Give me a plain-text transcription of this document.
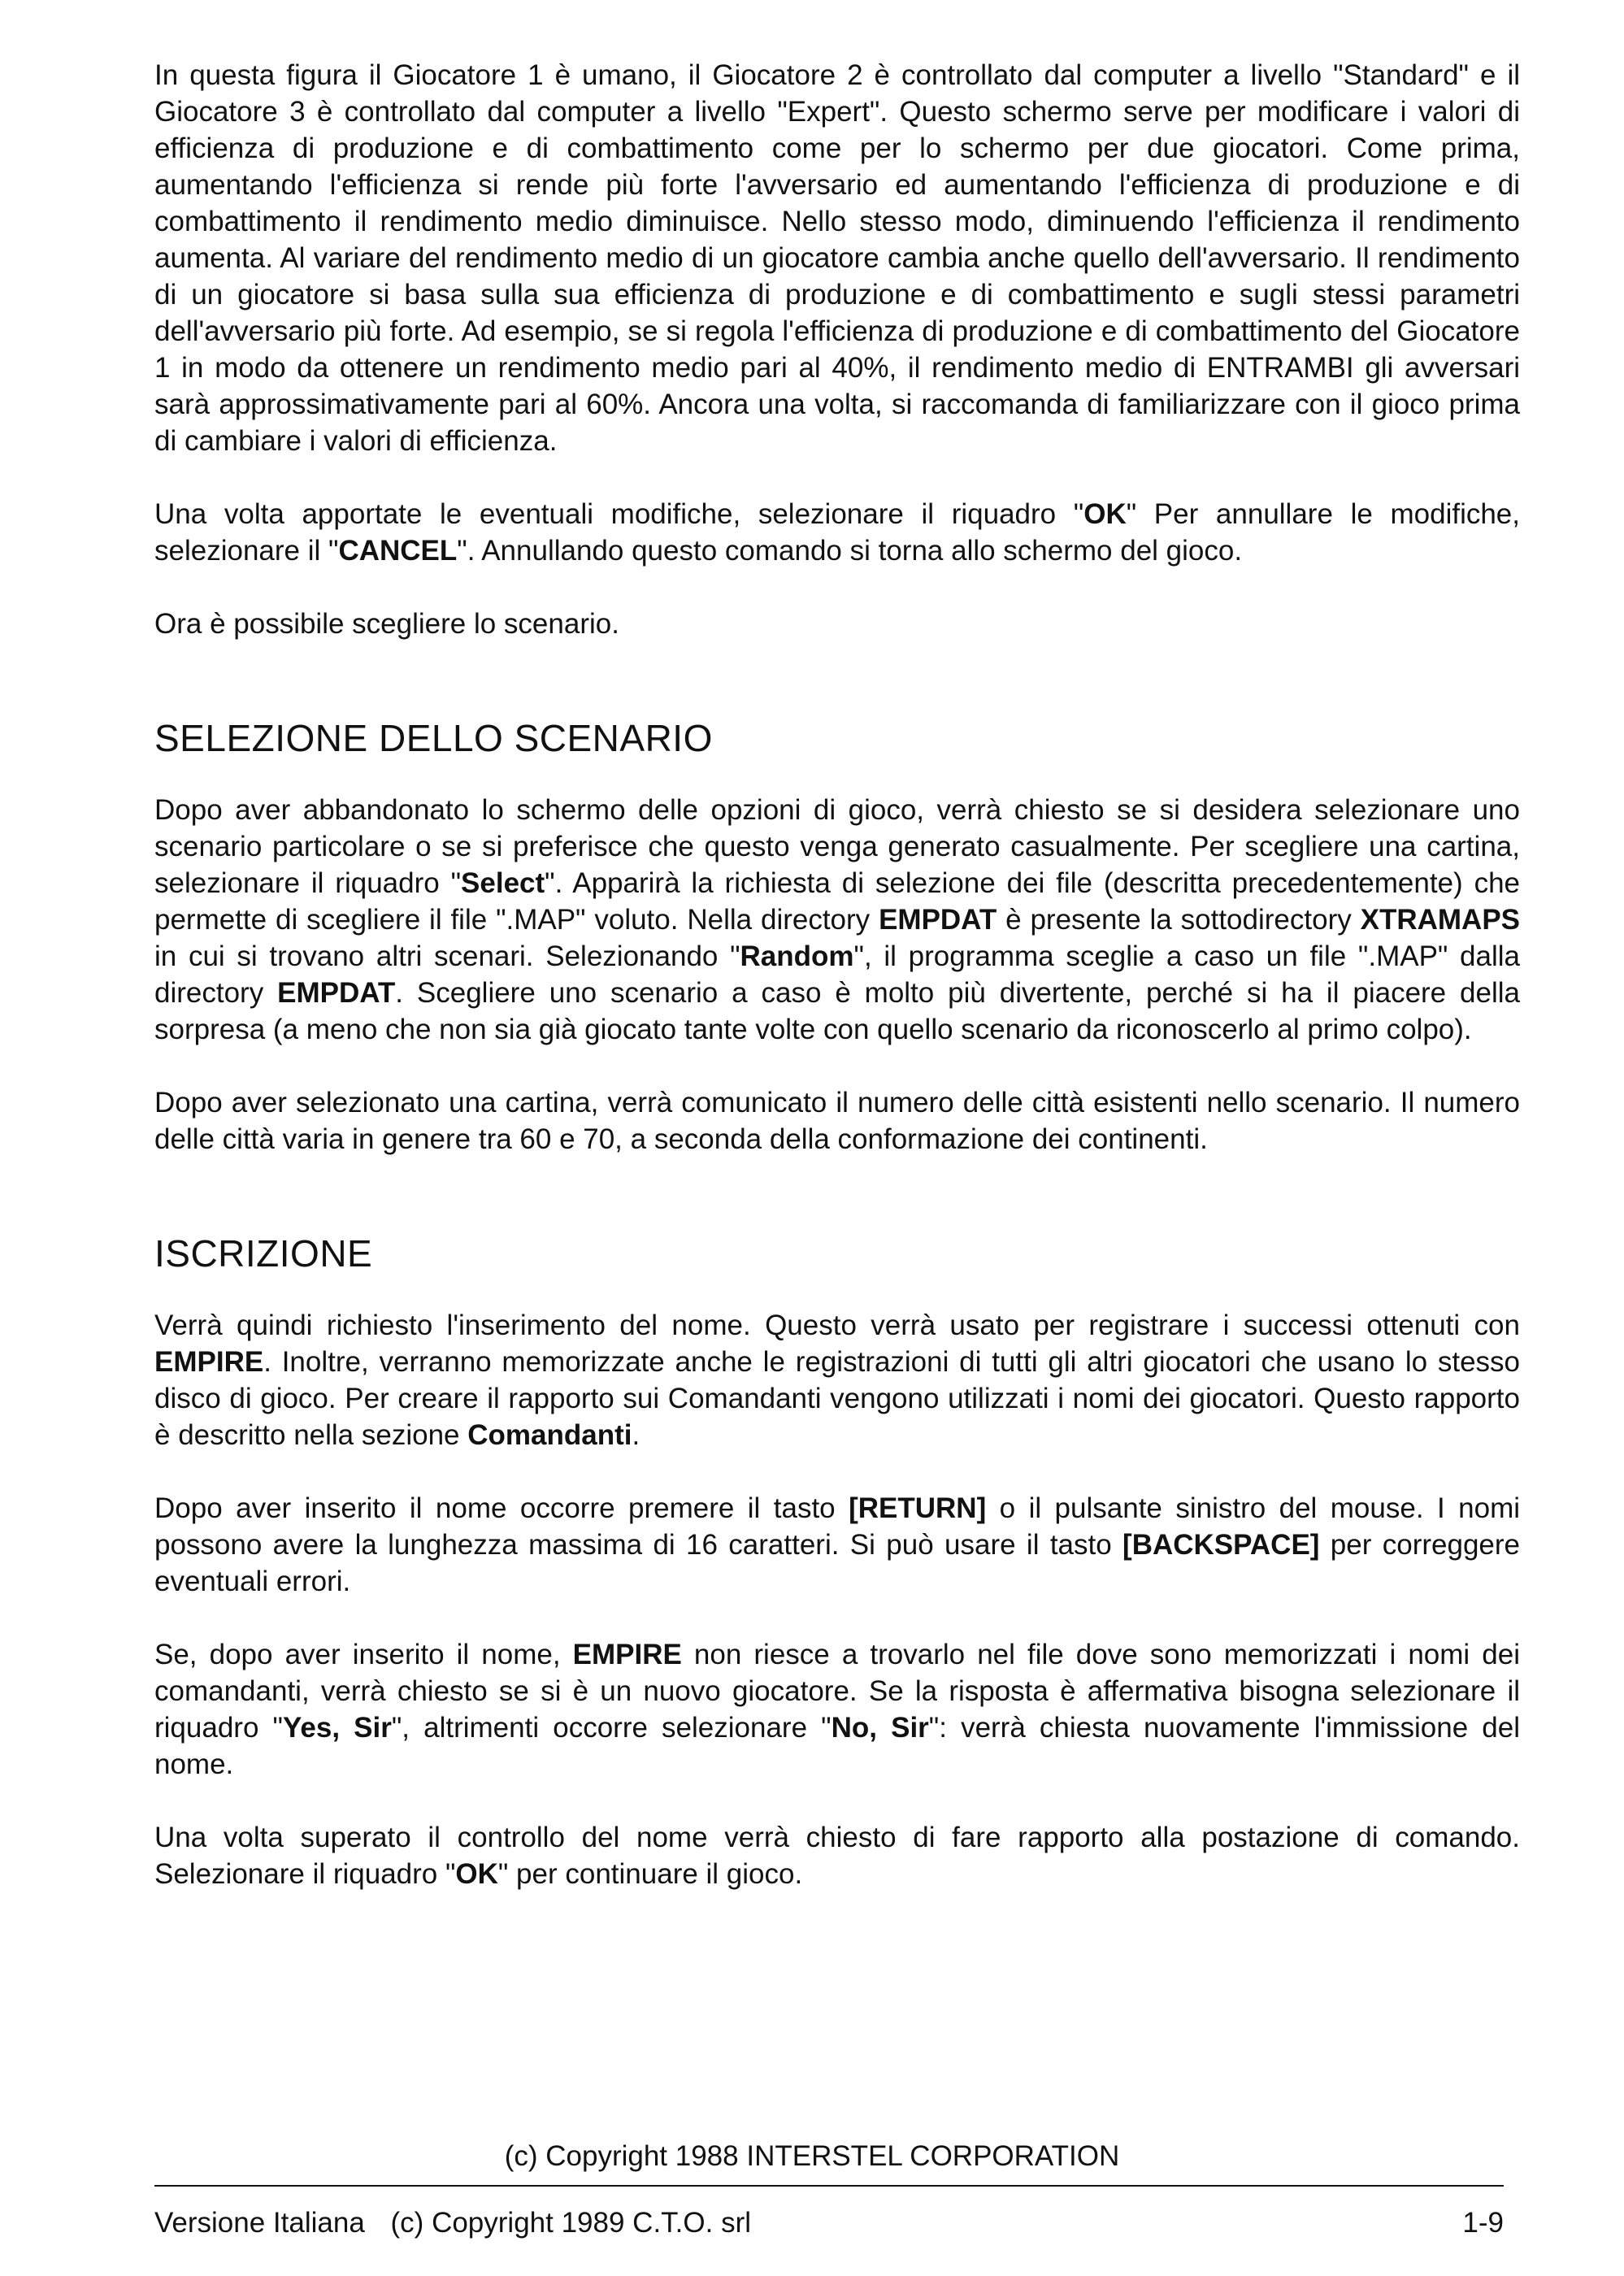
In questa figura il Giocatore 1 è umano, il Giocatore 2 è controllato dal computer a livello "Standard" e il Giocatore 3 è controllato dal computer a livello "Expert". Questo schermo serve per modificare i valori di efficienza di produzione e di combattimento come per lo schermo per due giocatori. Come prima, aumentando l'efficienza si rende più forte l'avversario ed aumentando l'efficienza di produzione e di combattimento il rendimento medio diminuisce. Nello stesso modo, diminuendo l'efficienza il rendimento aumenta. Al variare del rendimento medio di un giocatore cambia anche quello dell'avversario. Il rendimento di un giocatore si basa sulla sua efficienza di produzione e di combattimento e sugli stessi parametri dell'avversario più forte. Ad esempio, se si regola l'efficienza di produzione e di combattimento del Giocatore 1 in modo da ottenere un rendimento medio pari al 40%, il rendimento medio di ENTRAMBI gli avversari sarà approssimativamente pari al 60%. Ancora una volta, si raccomanda di familiarizzare con il gioco prima di cambiare i valori di efficienza.

Una volta apportate le eventuali modifiche, selezionare il riquadro "OK" Per annullare le modifiche, selezionare il "CANCEL". Annullando questo comando si torna allo schermo del gioco.

Ora è possibile scegliere lo scenario.

SELEZIONE DELLO SCENARIO

Dopo aver abbandonato lo schermo delle opzioni di gioco, verrà chiesto se si desidera selezionare uno scenario particolare o se si preferisce che questo venga generato casualmente. Per scegliere una cartina, selezionare il riquadro "Select". Apparirà la richiesta di selezione dei file (descritta precedentemente) che permette di scegliere il file ".MAP" voluto. Nella directory EMPDAT è presente la sottodirectory XTRAMAPS in cui si trovano altri scenari. Selezionando "Random", il programma sceglie a caso un file ".MAP" dalla directory EMPDAT. Scegliere uno scenario a caso è molto più divertente, perché si ha il piacere della sorpresa (a meno che non sia già giocato tante volte con quello scenario da riconoscerlo al primo colpo).

Dopo aver selezionato una cartina, verrà comunicato il numero delle città esistenti nello scenario. Il numero delle città varia in genere tra 60 e 70, a seconda della conformazione dei continenti.

ISCRIZIONE

Verrà quindi richiesto l'inserimento del nome. Questo verrà usato per registrare i successi ottenuti con EMPIRE. Inoltre, verranno memorizzate anche le registrazioni di tutti gli altri giocatori che usano lo stesso disco di gioco. Per creare il rapporto sui Comandanti vengono utilizzati i nomi dei giocatori. Questo rapporto è descritto nella sezione Comandanti.

Dopo aver inserito il nome occorre premere il tasto [RETURN] o il pulsante sinistro del mouse. I nomi possono avere la lunghezza massima di 16 caratteri. Si può usare il tasto [BACKSPACE] per correggere eventuali errori.

Se, dopo aver inserito il nome, EMPIRE non riesce a trovarlo nel file dove sono memorizzati i nomi dei comandanti, verrà chiesto se si è un nuovo giocatore. Se la risposta è affermativa bisogna selezionare il riquadro "Yes, Sir", altrimenti occorre selezionare "No, Sir": verrà chiesta nuovamente l'immissione del nome.

Una volta superato il controllo del nome verrà chiesto di fare rapporto alla postazione di comando. Selezionare il riquadro "OK" per continuare il gioco.

(c) Copyright 1988 INTERSTEL CORPORATION
Versione Italiana (c) Copyright 1989 C.T.O. srl	1-9
